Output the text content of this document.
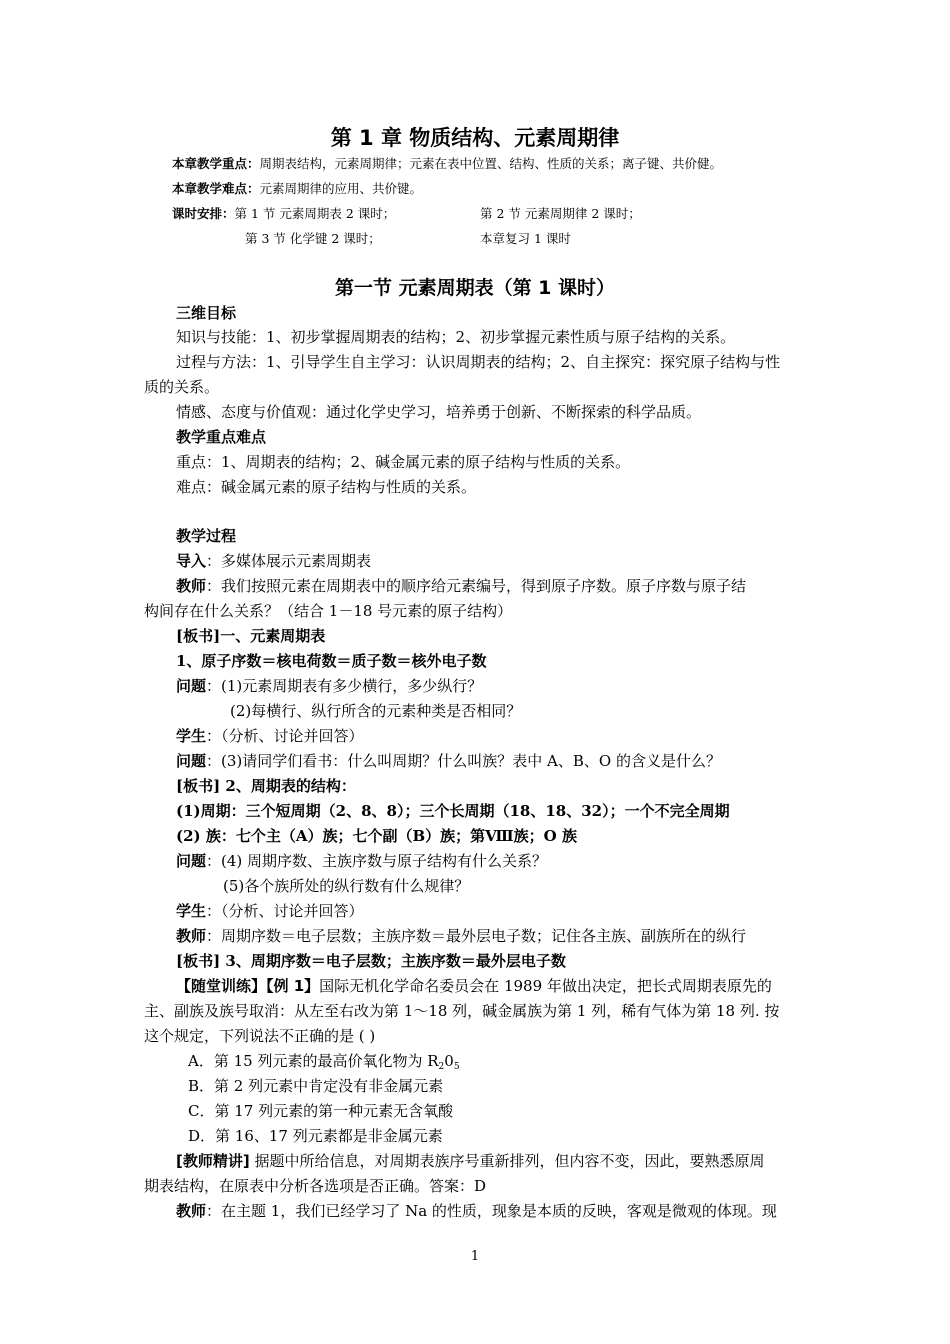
第 1 章 物质结构、元素周期律
本章教学重点：周期表结构，元素周期律；元素在表中位置、结构、性质的关系；离子键、共价健。
本章教学难点：元素周期律的应用、共价键。
课时安排：第 1 节 元素周期表 2 课时；	第 2 节 元素周期律 2 课时；
第 3 节 化学键 2 课时；	本章复习 1 课时
第一节 元素周期表（第 1 课时）
三维目标
知识与技能：1、初步掌握周期表的结构；2、初步掌握元素性质与原子结构的关系。
过程与方法：1、引导学生自主学习：认识周期表的结构；2、自主探究：探究原子结构与性
质的关系。
情感、态度与价值观：通过化学史学习，培养勇于创新、不断探索的科学品质。
教学重点难点
重点：1、周期表的结构；2、碱金属元素的原子结构与性质的关系。
难点：碱金属元素的原子结构与性质的关系。
教学过程
导入：多媒体展示元素周期表
教师：我们按照元素在周期表中的顺序给元素编号，得到原子序数。原子序数与原子结
构间存在什么关系？（结合 1－18 号元素的原子结构）
[板书]一、元素周期表
1、原子序数＝核电荷数＝质子数＝核外电子数
问题：(1)元素周期表有多少横行，多少纵行？
(2)每横行、纵行所含的元素种类是否相同？
学生：（分析、讨论并回答）
问题：(3)请同学们看书：什么叫周期？什么叫族？表中 A、B、O 的含义是什么？
[板书] 2、周期表的结构：
(1)周期：三个短周期（2、8、8）；三个长周期（18、18、32）；一个不完全周期
(2) 族：七个主（A）族；七个副（B）族；第Ⅷ族；O 族
问题：(4) 周期序数、主族序数与原子结构有什么关系？
(5)各个族所处的纵行数有什么规律？
学生：（分析、讨论并回答）
教师：周期序数＝电子层数；主族序数＝最外层电子数；记住各主族、副族所在的纵行
[板书] 3、周期序数＝电子层数；主族序数＝最外层电子数
【随堂训练】【例 1】国际无机化学命名委员会在 1989 年做出决定，把长式周期表原先的
主、副族及族号取消：从左至右改为第 1～18 列，碱金属族为第 1 列，稀有气体为第 18 列. 按
这个规定，下列说法不正确的是 ( )
A．第 15 列元素的最高价氧化物为 $R_20_5$
B．第 2 列元素中肯定没有非金属元素
C．第 17 列元素的第一种元素无含氧酸
D．第 16、17 列元素都是非金属元素
[教师精讲] 据题中所给信息，对周期表族序号重新排列，但内容不变，因此，要熟悉原周
期表结构，在原表中分析各选项是否正确。答案：D
教师：在主题 1，我们已经学习了 Na 的性质，现象是本质的反映，客观是微观的体现。现
1
